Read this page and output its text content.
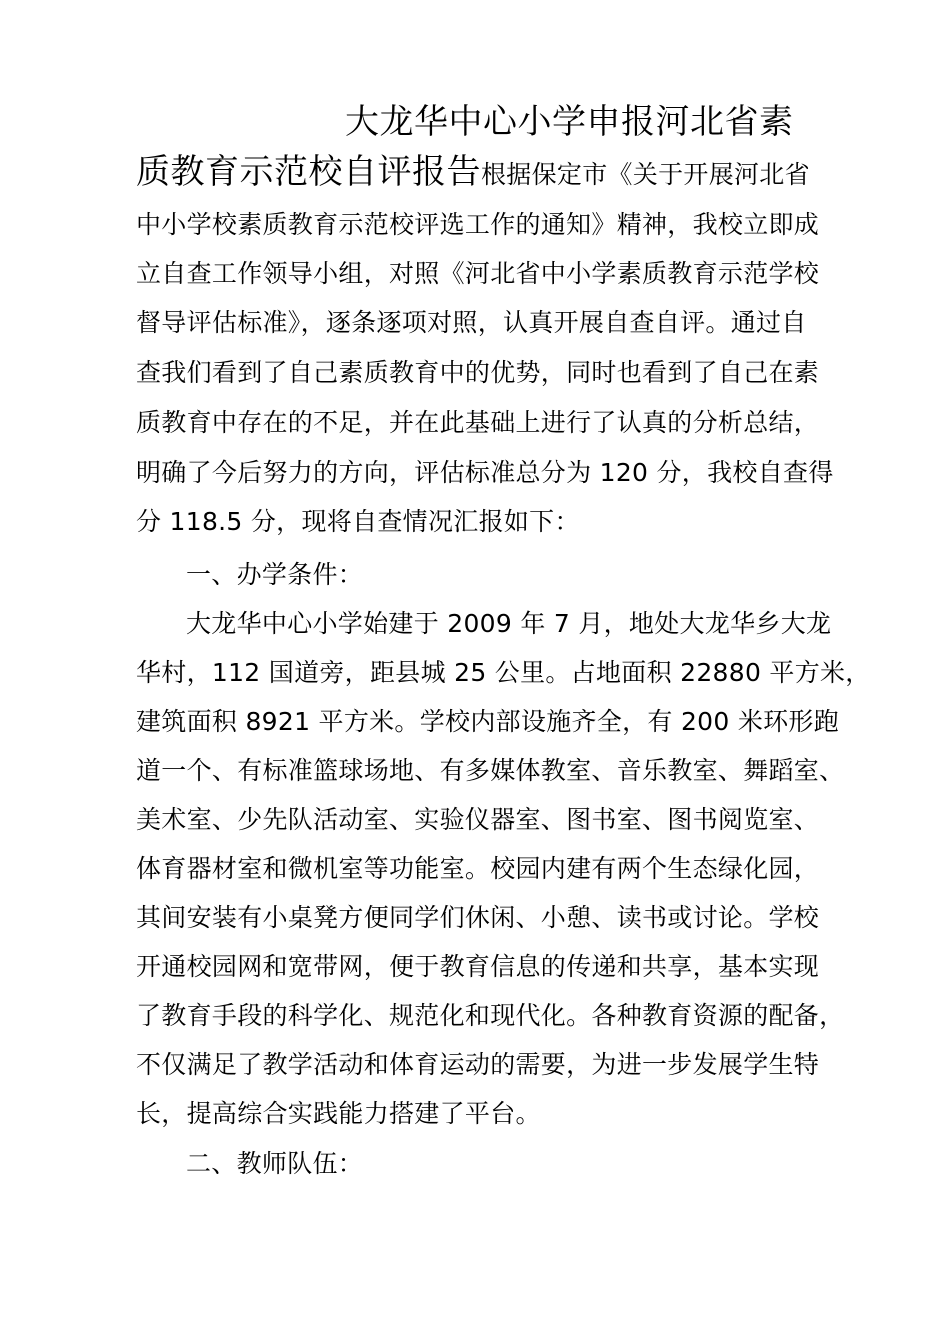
大龙华中心小学申报河北省素
质教育示范校自评报告根据保定市《关于开展河北省
中小学校素质教育示范校评选工作的通知》精神，我校立即成
立自查工作领导小组，对照《河北省中小学素质教育示范学校
督导评估标准》，逐条逐项对照，认真开展自查自评。通过自
查我们看到了自己素质教育中的优势，同时也看到了自己在素
质教育中存在的不足，并在此基础上进行了认真的分析总结，
明确了今后努力的方向，评估标准总分为 120 分，我校自查得
分 118.5 分，现将自查情况汇报如下：
一、办学条件：
大龙华中心小学始建于 2009 年 7 月，地处大龙华乡大龙
华村，112 国道旁，距县城 25 公里。占地面积 22880 平方米，
建筑面积 8921 平方米。学校内部设施齐全，有 200 米环形跑
道一个、有标准篮球场地、有多媒体教室、音乐教室、舞蹈室、
美术室、少先队活动室、实验仪器室、图书室、图书阅览室、
体育器材室和微机室等功能室。校园内建有两个生态绿化园，
其间安装有小桌凳方便同学们休闲、小憩、读书或讨论。学校
开通校园网和宽带网，便于教育信息的传递和共享，基本实现
了教育手段的科学化、规范化和现代化。各种教育资源的配备，
不仅满足了教学活动和体育运动的需要，为进一步发展学生特
长，提高综合实践能力搭建了平台。
二、教师队伍：
